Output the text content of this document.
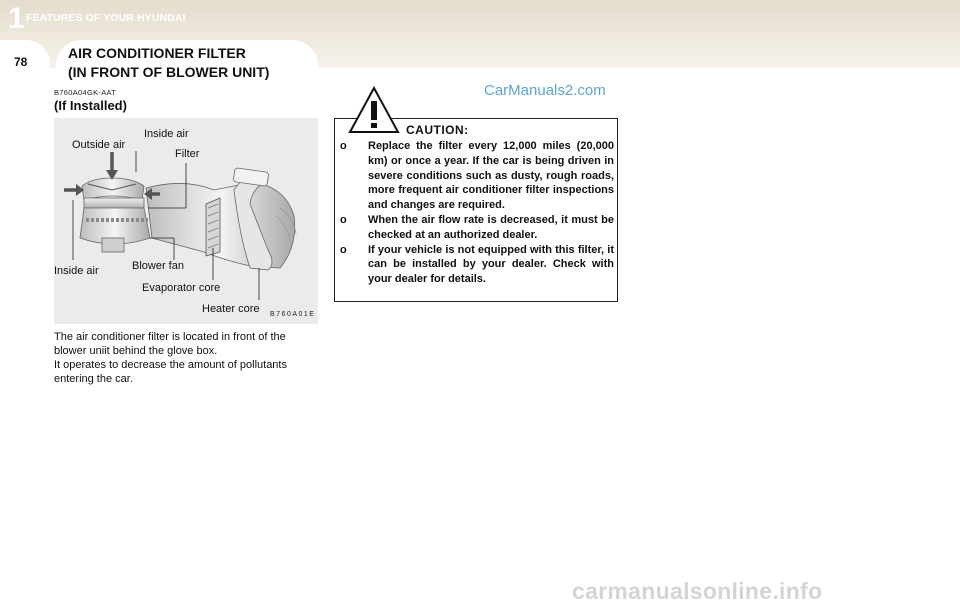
1 FEATURES OF YOUR HYUNDAI
78
AIR CONDITIONER FILTER
(IN FRONT OF BLOWER UNIT)
CarManuals2.com
B760A04GK-AAT
(If Installed)
Outside air
Inside air
Filter
Inside air	Blower fan
Evaporator core
Heater core B760A01E

The air conditioner filter is located in front of the blower uniit behind the glove box.

It operates to decrease the amount of pollutants entering the car.

CAUTION:
o Replace the filter every 12,000 miles (20,000 km) or once a year. If the car is being driven in severe conditions such as dusty, rough roads, more frequent air conditioner filter inspections and changes are required.
o When the air flow rate is decreased, it must be checked at an authorized dealer.
o If your vehicle is not equipped with this filter, it can be installed by your dealer. Check with your dealer for details.
carmanualsonline.info
